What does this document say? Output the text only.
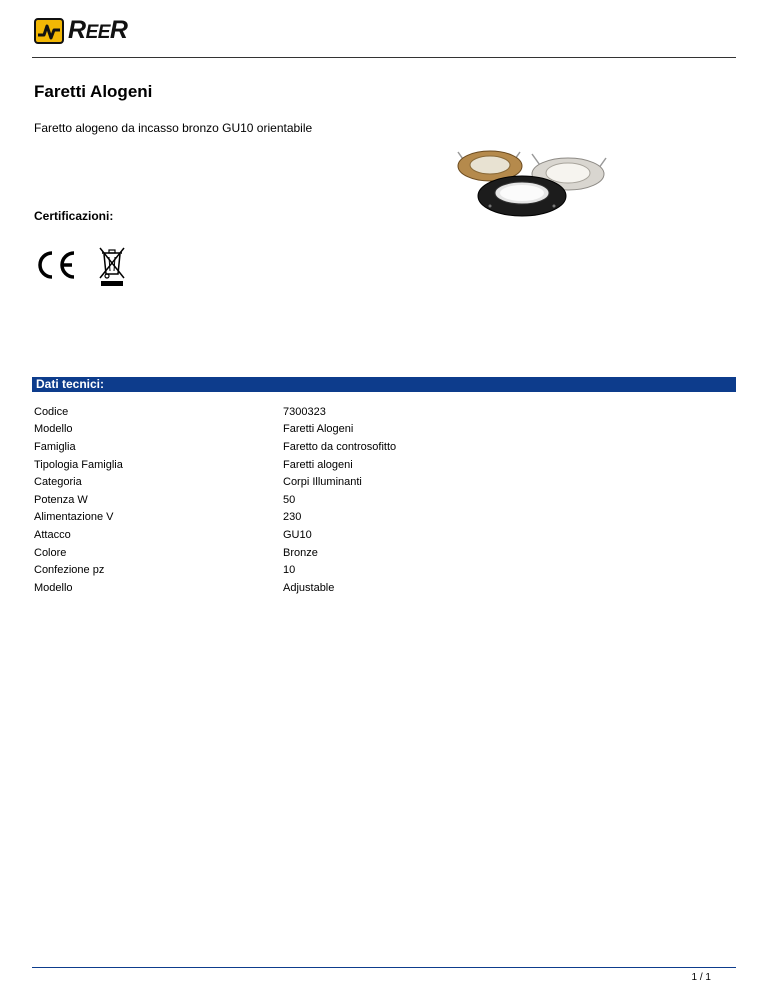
REER
Faretti Alogeni
Faretto alogeno da incasso bronzo GU10 orientabile
Certificazioni:
Dati tecnici:
Codice	7300323
Modello	Faretti Alogeni
Famiglia	Faretto da controsofitto
Tipologia Famiglia	Faretti alogeni
Categoria	Corpi Illuminanti
Potenza W	50
Alimentazione V	230
Attacco	GU10
Colore	Bronze
Confezione pz	10
Modello	Adjustable
1 / 1
